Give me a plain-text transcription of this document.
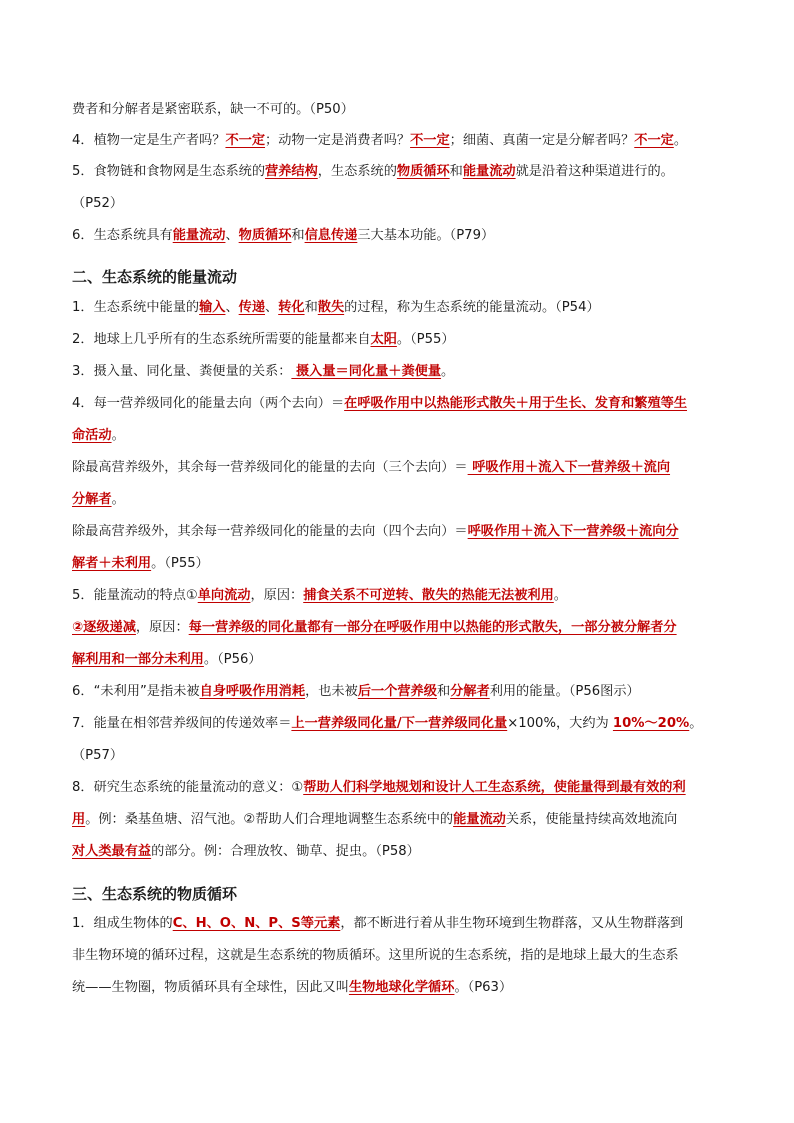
费者和分解者是紧密联系，缺一不可的。（P50）
4．植物一定是生产者吗？不一定；动物一定是消费者吗？不一定；细菌、真菌一定是分解者吗？不一定。
5．食物链和食物网是生态系统的营养结构，生态系统的物质循环和能量流动就是沿着这种渠道进行的。
（P52）
6．生态系统具有能量流动、物质循环和信息传递三大基本功能。（P79）
二、生态系统的能量流动
1．生态系统中能量的输入、传递、转化和散失的过程，称为生态系统的能量流动。（P54）
2．地球上几乎所有的生态系统所需要的能量都来自太阳。（P55）
3．摄入量、同化量、粪便量的关系： 摄入量＝同化量＋粪便量。
4．每一营养级同化的能量去向（两个去向）＝在呼吸作用中以热能形式散失＋用于生长、发育和繁殖等生
命活动。
除最高营养级外，其余每一营养级同化的能量的去向（三个去向）＝ 呼吸作用＋流入下一营养级＋流向
分解者。
除最高营养级外，其余每一营养级同化的能量的去向（四个去向）＝呼吸作用＋流入下一营养级＋流向分
解者＋未利用。（P55）
5．能量流动的特点①单向流动，原因：捕食关系不可逆转、散失的热能无法被利用。
②逐级递减，原因：每一营养级的同化量都有一部分在呼吸作用中以热能的形式散失，一部分被分解者分
解利用和一部分未利用。（P56）
6．“未利用”是指未被自身呼吸作用消耗，也未被后一个营养级和分解者利用的能量。（P56图示）
7．能量在相邻营养级间的传递效率＝上一营养级同化量/下一营养级同化量×100%，大约为 10%～20%。
（P57）
8．研究生态系统的能量流动的意义：①帮助人们科学地规划和设计人工生态系统，使能量得到最有效的利
用。例：桑基鱼塘、沼气池。②帮助人们合理地调整生态系统中的能量流动关系，使能量持续高效地流向
对人类最有益的部分。例：合理放牧、锄草、捉虫。（P58）
三、生态系统的物质循环
1．组成生物体的C、H、O、N、P、S等元素，都不断进行着从非生物环境到生物群落，又从生物群落到
非生物环境的循环过程，这就是生态系统的物质循环。这里所说的生态系统，指的是地球上最大的生态系
统——生物圈，物质循环具有全球性，因此又叫生物地球化学循环。（P63）
